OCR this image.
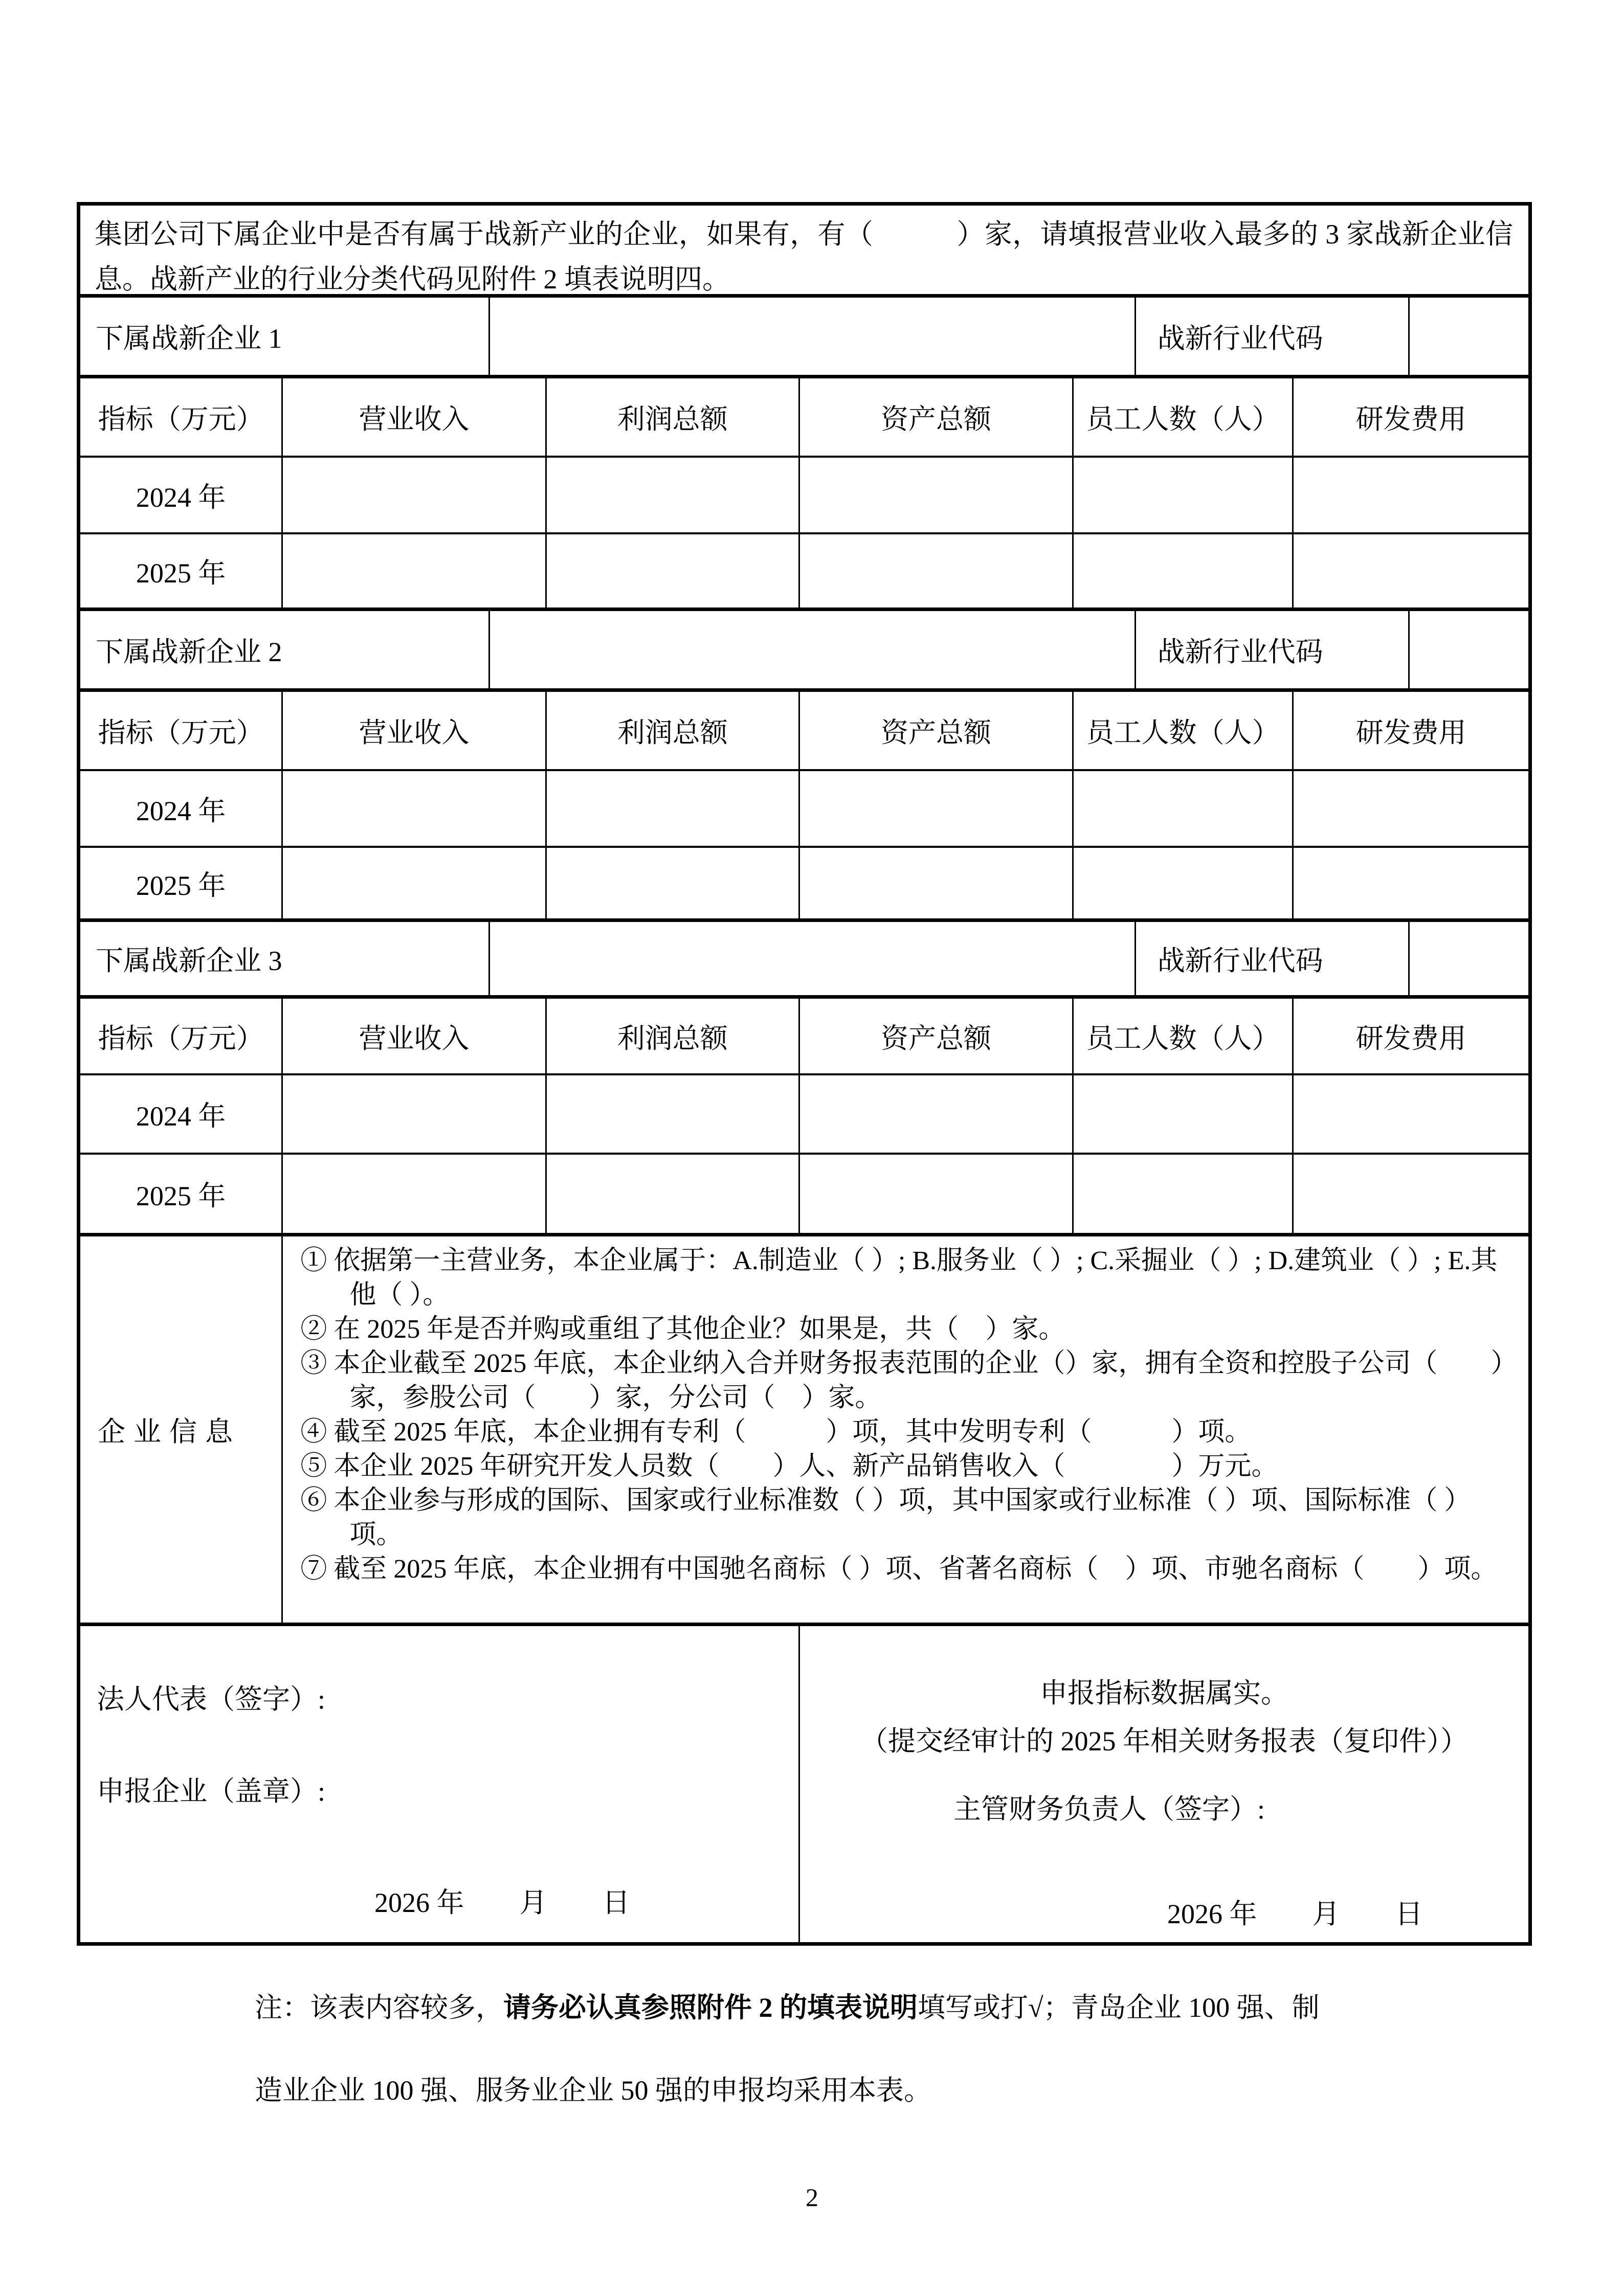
集团公司下属企业中是否有属于战新产业的企业，如果有，有（　　　）家，请填报营业收入最多的 3 家战新企业信息。战新产业的行业分类代码见附件 2 填表说明四。
下属战新企业 1	战新行业代码
指标（万元）	营业收入	利润总额	资产总额	员工人数（人）	研发费用
2024 年
2025 年
下属战新企业 2	战新行业代码
指标（万元）	营业收入	利润总额	资产总额	员工人数（人）	研发费用
2024 年
2025 年
下属战新企业 3	战新行业代码
指标（万元）	营业收入	利润总额	资产总额	员工人数（人）	研发费用
2024 年
2025 年
企业信息
① 依据第一主营业务，本企业属于：A.制造业（ ）; B.服务业（ ）; C.采掘业（ ）; D.建筑业（ ）; E.其他（ ）。
② 在 2025 年是否并购或重组了其他企业？如果是，共（　）家。
③ 本企业截至 2025 年底，本企业纳入合并财务报表范围的企业（）家，拥有全资和控股子公司（　　）家，参股公司（　　）家，分公司（　）家。
④ 截至 2025 年底，本企业拥有专利（　　　）项，其中发明专利（　　　）项。
⑤ 本企业 2025 年研究开发人员数（　　）人、新产品销售收入（　　　　）万元。
⑥ 本企业参与形成的国际、国家或行业标准数（ ）项，其中国家或行业标准（ ）项、国际标准（ ）项。
⑦ 截至 2025 年底，本企业拥有中国驰名商标（ ）项、省著名商标（　）项、市驰名商标（　　）项。
法人代表（签字）:
申报企业（盖章）:
2026 年　　月　　日
申报指标数据属实。
（提交经审计的 2025 年相关财务报表（复印件））
主管财务负责人（签字）:
2026 年　　月　　日
注：该表内容较多，请务必认真参照附件 2 的填表说明填写或打√；青岛企业 100 强、制
造业企业 100 强、服务业企业 50 强的申报均采用本表。
2
